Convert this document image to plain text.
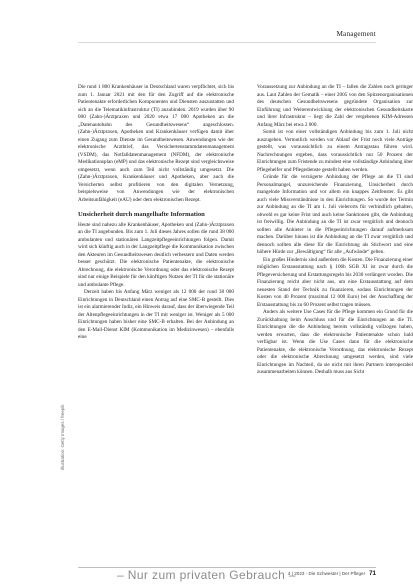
Management

Die rund 1 800 Krankenhäuser in Deutschland waren verpflichtet, sich bis zum 1. Januar 2021 mit den für den Zugriff auf die elektronische Patientenakte erforderlichen Komponenten und Diensten auszustatten und sich an die Telematikinfrastruktur (TI) anzubinden. 2019 wurden über 90 000 (Zahn-)Ärztpraxen und 2020 etwa 17 000 Apotheken an die „Datenautobahn des Gesundheitswesens“ angeschlossen. (Zahn-)Ärztpraxen, Apotheken und Krankenhäuser verfügen damit über einen Zugang zum Dienste im Gesundheitswesen. Anwendungen wie der elektronische Arztbrief, das Versichertenstammdatenmanagement (VSDM), das Notfalldatenmanagement (NFDM), der elektronische Medikationsplan (eMP) und das elektronische Rezept sind vergleichsweise umgesetzt, wenn auch zum Teil nicht vollständig umgesetzt. Die (Zahn-)Ärztpraxen, Krankenhäuser und Apotheken, aber auch die Versicherten selbst profitieren von den digitalen Vernetzung, beispielsweise von Anwendungen wie der elektronischen Arbeitsunfähigkeit (eAU) oder dem elektronischen Rezept.

Unsicherheit durch mangelhafte Information

Heute sind nahezu alle Krankenhäuser, Apotheken und (Zahn-)Ärztpraxen an die TI angebunden. Bis zum 1. Juli dieses Jahres sollen die rund 38 000 ambulanten und stationären Langzeitpflegeeinrichtungen folgen. Damit wird sich künftig auch in der Langzeitpflege die Kommunikation zwischen den Akteuren im Gesundheitswesen deutlich verbessern und Daten werden besser geschützt. Die elektronische Patientenakte, die elektronische Abrechnung, die elektronische Verordnung oder das elektronische Rezept sind nur einige Beispiele für den künftigen Nutzen der TI für die stationäre und ambulante Pflege.

Derzeit haben bis Anfang März weniger als 12 000 der rund 38 000 Einrichtungen in Deutschland einen Antrag auf eine SMC-B gestellt. Dies ist ein alarmierender Indiz, ein Hinweis darauf, dass der überwiegende Teil der Altenpflegeeinrichtungen in der TI mit weniger ist. Weniger als 5 000 Einrichtungen haben bisher eine SMC-B erhalten. Bei der Anbindung an den E-Mail-Dienst KIM (Kommunikation im Medizinwesen) – ebenfalls eine

Voraussetzung zur Anbindung an die TI – fallen die Zahlen noch geringer aus. Laut Zahlen der Gematik – einer 2005 von den Spitzenorganisationen des deutschen Gesundheitswesens gegründete Organisation zur Einführung und Weiterentwicklung der elektronischen Gesundheitskarte und ihrer Infrastruktur – liegt die Zahl der vergebenen KIM-Adressen Anfang März bei etwa 2 000.

Somit ist von einer vollständigen Anbindung bis zum 1. Juli nicht auszugehen. Vermutlich werden vor Ablauf der Frist noch viele Anträge gestellt, was voraussichtlich zu einem Antragsstau führen wird. Nachrechnungen ergeben, dass voraussichtlich nur 50 Prozent der Einrichtungen zum Fristende zu mindest eine vollständige Anbindung über Pflegehelfer und Pflegedienste gestellt haben werden.

Gründe für die verzögerte Anbindung der Pflege an die TI sind Personalmangel, unzureichende Finanzierung, Unsicherheit durch mangelnde Information und vor allem ein knappes Zeitfenster. Es gibt auch viele Missverständnisse in den Einrichtungen. So wurde der Termin zur Anbindung an die TI am 1. Juli vielerorts für verbindlich gehalten, obwohl es gar keine Frist und auch keine Sanktionen gibt, die Anbindung ist freiwillig. Die Anbindung an die TI ist zwar vergütlich und dennoch sollten alle Anbieter in die Pflegeeinrichtungen darauf aufmerksam machen. Darüber hinaus ist die Anbindung an die TI zwar vergütlich und dennoch sollten alle diese für die Einrichtung als Stichwort und eine höhere Hürde zur „Bewältigung“ für alle „Aufwände“ gelten.

Ein großes Hindernis sind außerdem die Kosten. Die Finanzierung einer möglichen Erstausstattung nach § 106b SGB XI ist zwar durch die Pflegeversicherung und Erstattungsregeln bis 2030 verlängert worden. Die Finanzierung reicht aber nicht aus, um eine Erstausstattung auf dem neuesten Stand der Technik zu finanzieren, sodass Einrichtungen der Kosten von 40 Prozent (maximal 12 000 Euro) bei der Anschaffung der Erstausstattung bis zu 60 Prozent selbst tragen müssen.

Anders als weitere Use Cases für die Pflege kommen ein Grund für die Zurückhaltung beim Anschluss und für die Einrichtungen an die TI. Einrichtungen die die Anbindung bereits vollständig vollzogen haben, werden erwarten, dass die elektronische Patientenakte schon bald verfügbar ist. Wenn die Use Cases dann für die elektronische Patientenakte, die elektronische Verordnung, das elektronische Rezept oder die elektronische Abrechnung umgesetzt werden, sind viele Einrichtungen im Nachteil, da sie nicht mit ihren Partnern interoperabel zusammenarbeiten können. Deshalb muss aus Sicht

Illustration: Getty Images / freepik
– Nur zum privaten Gebrauch –
4 | 2023 · Die Schwester | Der Pfleger 71
